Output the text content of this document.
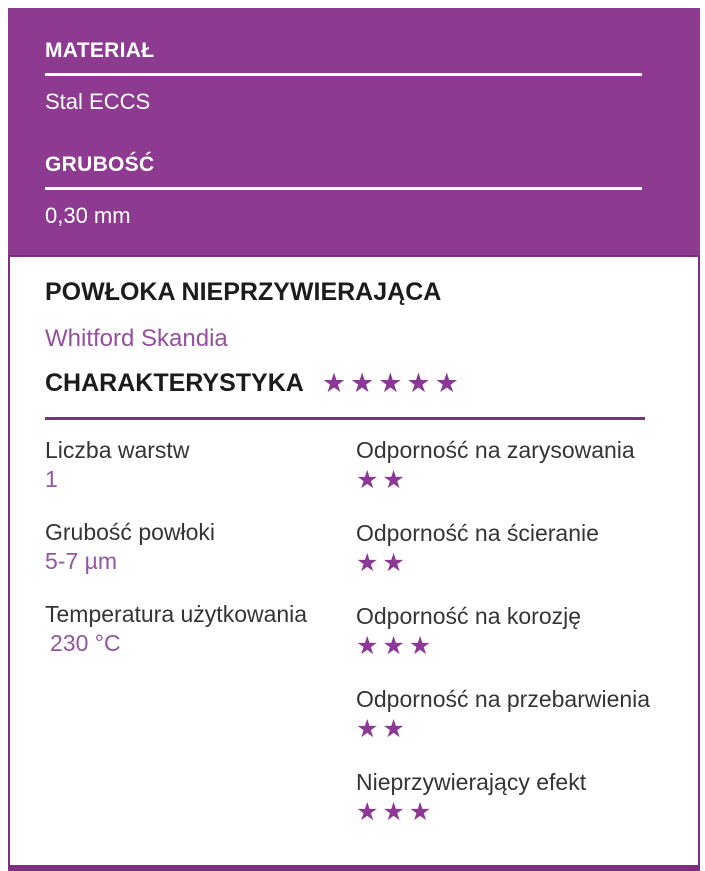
MATERIAŁ
Stal ECCS
GRUBOŚĆ
0,30 mm
POWŁOKA NIEPRZYWIERAJĄCA
Whitford Skandia
CHARAKTERYSTYKA ★★★★★
Liczba warstw
1
Grubość powłoki
5-7 µm
Temperatura użytkowania
230 °C
Odporność na zarysowania
★★
Odporność na ścieranie
★★
Odporność na korozję
★★★
Odporność na przebarwienia
★★
Nieprzywierający efekt
★★★
